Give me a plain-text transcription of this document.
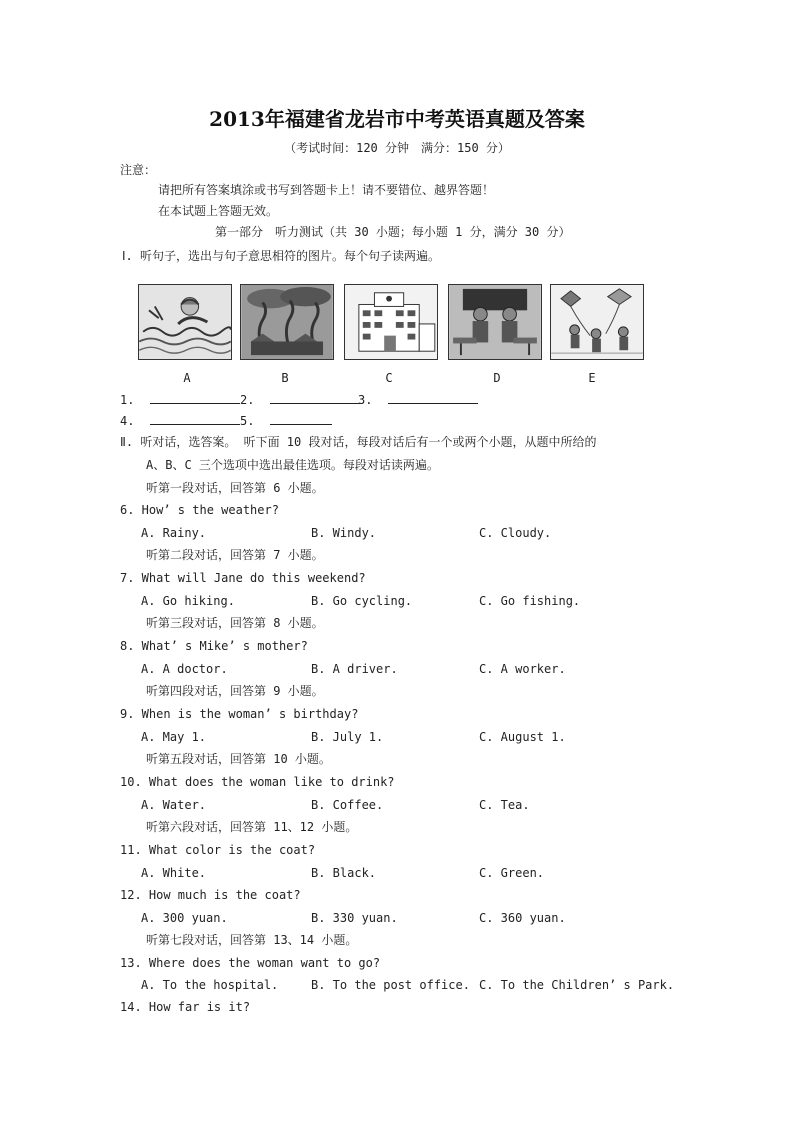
2013年福建省龙岩市中考英语真题及答案
（考试时间：120 分钟　满分：150 分）
注意：
请把所有答案填涂或书写到答题卡上！请不要错位、越界答题！
在本试题上答题无效。
第一部分　听力测试（共 30 小题；每小题 1 分，满分 30 分）
Ⅰ. 听句子，选出与句子意思相符的图片。每个句子读两遍。
A	B	C	D	E
1.	2.	3.
4.	5.
Ⅱ. 听对话，选答案。 听下面 10 段对话，每段对话后有一个或两个小题，从题中所给的
A、B、C 三个选项中选出最佳选项。每段对话读两遍。
听第一段对话，回答第 6 小题。
6. How’ s the weather?
A. Rainy.	B. Windy.	C. Cloudy.
听第二段对话，回答第 7 小题。
7. What will Jane do this weekend?
A. Go hiking.	B. Go cycling.	C. Go fishing.
听第三段对话，回答第 8 小题。
8. What’ s Mike’ s mother?
A. A doctor.	B. A driver.	C. A worker.
听第四段对话，回答第 9 小题。
9. When is the woman’ s birthday?
A. May 1.	B. July 1.	C. August 1.
听第五段对话，回答第 10 小题。
10. What does the woman like to drink?
A. Water.	B. Coffee.	C. Tea.
听第六段对话，回答第 11、12 小题。
11. What color is the coat?
A. White.	B. Black.	C. Green.
12. How much is the coat?
A. 300 yuan.	B. 330 yuan.	C. 360 yuan.
听第七段对话，回答第 13、14 小题。
13. Where does the woman want to go?
A. To the hospital.	B. To the post office. C. To the Children’ s Park.
14. How far is it?
